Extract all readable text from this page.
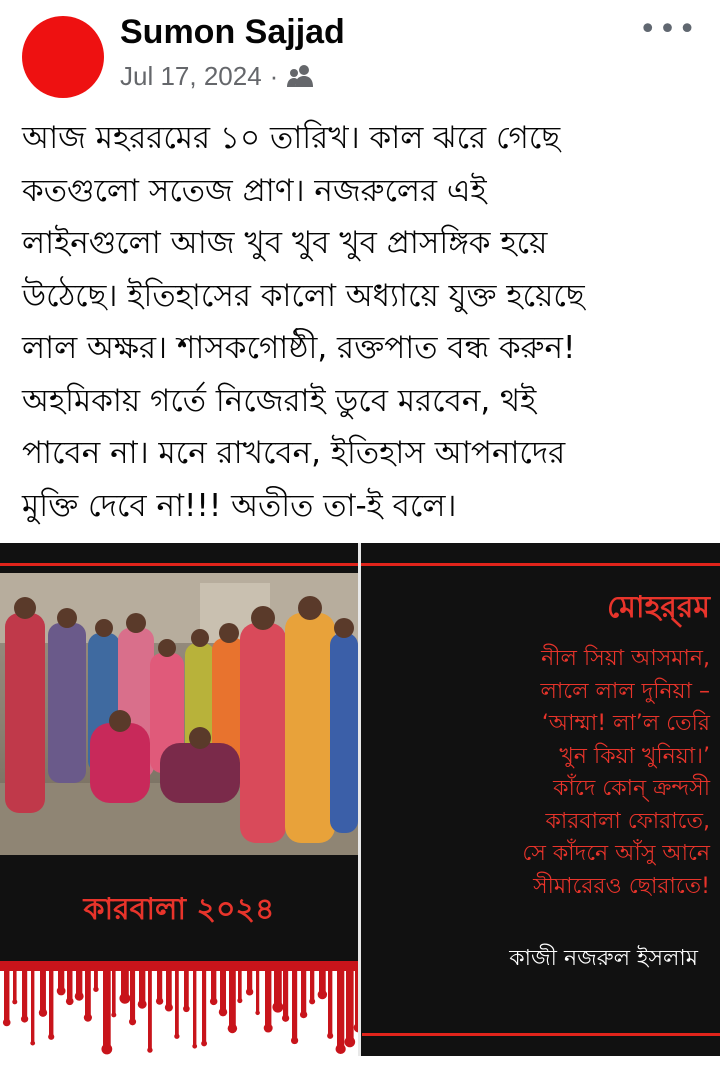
Sumon Sajjad
Jul 17, 2024 ·
•••
আজ মহররমের ১০ তারিখ। কাল ঝরে গেছে
কতগুলো সতেজ প্রাণ। নজরুলের এই
লাইনগুলো আজ খুব খুব খুব প্রাসঙ্গিক হয়ে
উঠেছে। ইতিহাসের কালো অধ্যায়ে যুক্ত হয়েছে
লাল অক্ষর। শাসকগোষ্ঠী, রক্তপাত বন্ধ করুন!
অহমিকায় গর্তে নিজেরাই ডুবে মরবেন, থই
পাবেন না। মনে রাখবেন, ইতিহাস আপনাদের
মুক্তি দেবে না!!! অতীত তা-ই বলে।
কারবালা ২০২৪
মোহর্‌রম
নীল সিয়া আসমান,
লালে লাল দুনিয়া –
‘আম্মা! লা’ল তেরি
খুন কিয়া খুনিয়া।’
কাঁদে কোন্‌ ক্রন্দসী
কারবালা ফোরাতে,
সে কাঁদনে আঁসু আনে
সীমারেরও ছোরাতে!
কাজী নজরুল ইসলাম
